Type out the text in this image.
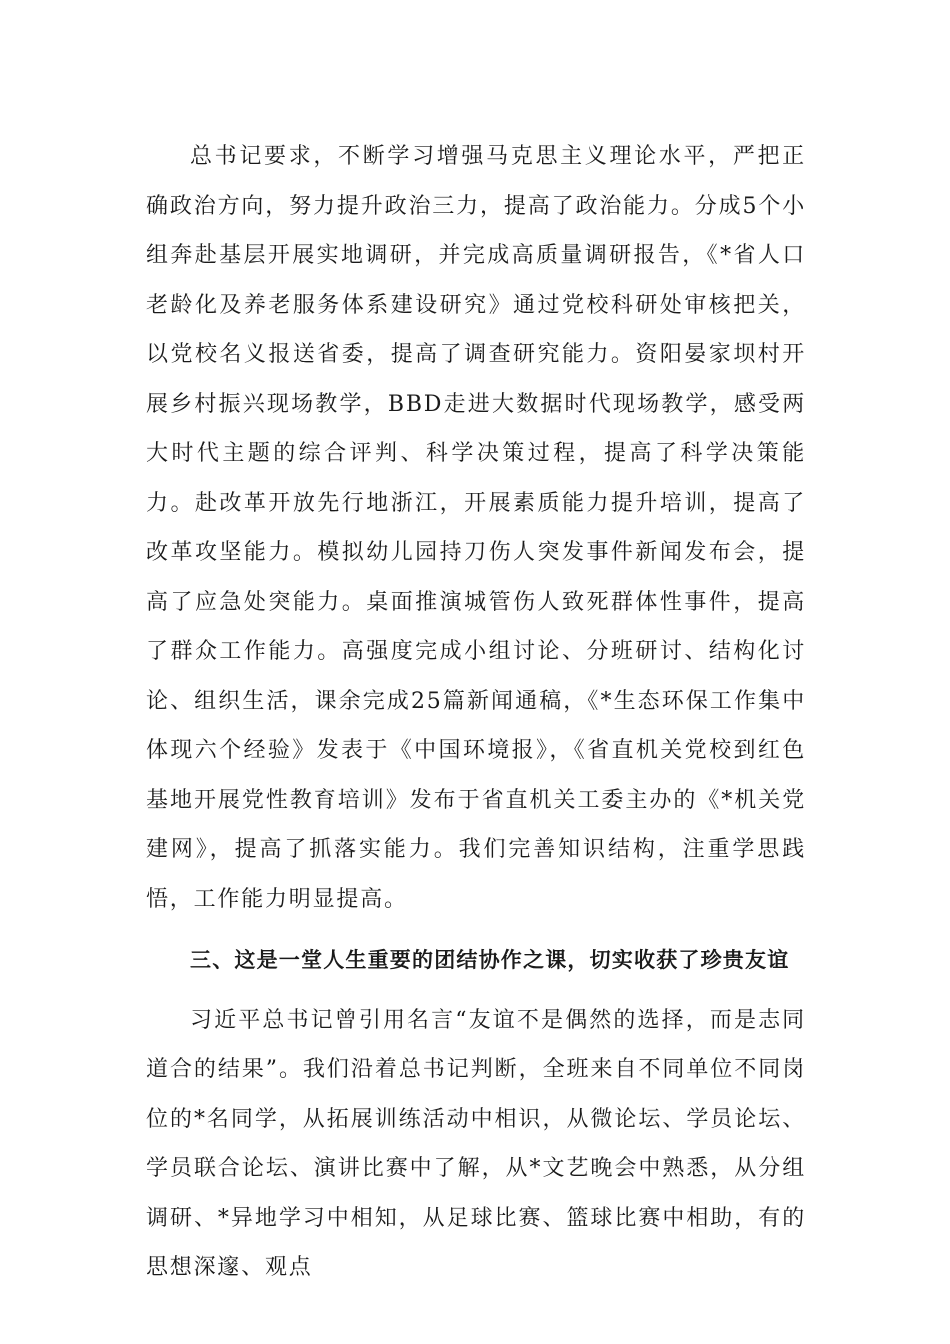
总书记要求，不断学习增强马克思主义理论水平，严把正确政治方向，努力提升政治三力，提高了政治能力。分成5个小组奔赴基层开展实地调研，并完成高质量调研报告，《*省人口老龄化及养老服务体系建设研究》通过党校科研处审核把关，以党校名义报送省委，提高了调查研究能力。资阳晏家坝村开展乡村振兴现场教学，BBD走进大数据时代现场教学，感受两大时代主题的综合评判、科学决策过程，提高了科学决策能力。赴改革开放先行地浙江，开展素质能力提升培训，提高了改革攻坚能力。模拟幼儿园持刀伤人突发事件新闻发布会，提高了应急处突能力。桌面推演城管伤人致死群体性事件，提高了群众工作能力。高强度完成小组讨论、分班研讨、结构化讨论、组织生活，课余完成25篇新闻通稿，《*生态环保工作集中体现六个经验》发表于《中国环境报》，《省直机关党校到红色基地开展党性教育培训》发布于省直机关工委主办的《*机关党建网》，提高了抓落实能力。我们完善知识结构，注重学思践悟，工作能力明显提高。

三、这是一堂人生重要的团结协作之课，切实收获了珍贵友谊

习近平总书记曾引用名言“友谊不是偶然的选择，而是志同道合的结果”。我们沿着总书记判断，全班来自不同单位不同岗位的*名同学，从拓展训练活动中相识，从微论坛、学员论坛、学员联合论坛、演讲比赛中了解，从*文艺晚会中熟悉，从分组调研、*异地学习中相知，从足球比赛、篮球比赛中相助，有的思想深邃、观点
